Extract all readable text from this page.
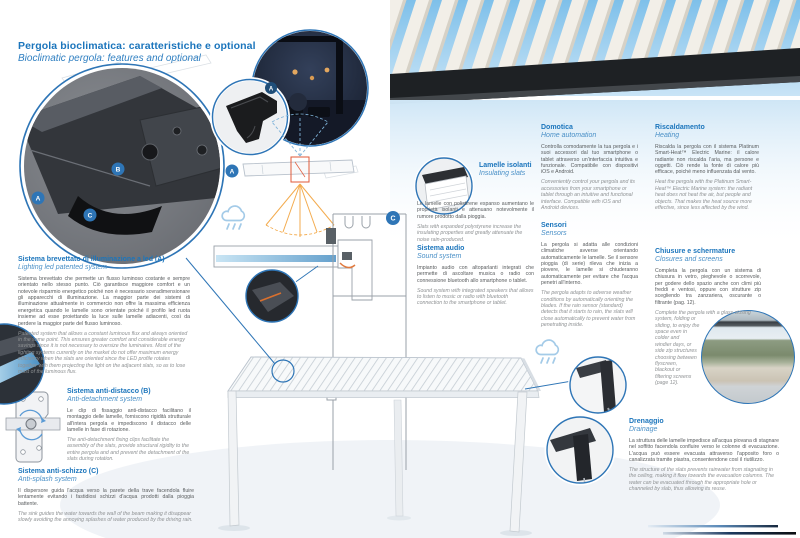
A
B
C
A
A
C
Pergola bioclimatica: caratteristiche e optional
Bioclimatic pergola: features and optional
Sistema brevettato di illuminazione a led (A)
Lighting led patented system

Sistema brevettato che permette un flusso luminoso costante e sempre orientato nello stesso punto. Ciò garantisce maggiore comfort e un notevole risparmio energetico poiché non è necessario sovradimensionare gli apparecchi di illuminazione. La maggior parte dei sistemi di illuminazione attualmente in commercio non offre la massima efficienza energetica quando le lamelle sono orientate poiché il profilo led ruota insieme ad esse proiettando la luce sulle lamelle adiacenti, così da perdere la maggior parte del flusso luminoso.

Patented system that allows a constant luminous flux and always oriented in the same point. This ensures greater comfort and considerable energy savings since it is not necessary to oversize the luminaires. Most of the lighting systems currently on the market do not offer maximum energy efficiency when the slats are oriented since the LED profile rotates together with them projecting the light on the adjacent slats, so as to lose most of the luminous flux.

Sistema anti-distacco (B)
Anti-detachment system

Le clip di fissaggio anti-distacco facilitano il montaggio delle lamelle, forniscono rigidità strutturale all'intera pergola e impediscono il distacco delle lamelle in fase di rotazione.

The anti-detachment fixing clips facilitate the assembly of the slats, provide structural rigidity to the entire pergola and and prevent the detachment of the slats during rotation.

Sistema anti-schizzo (C)
Anti-splash system

Il dispersore guida l'acqua verso la parete della trave facendola fluire lentamente evitando i fastidiosi schizzi d'acqua prodotti dalla pioggia battente.

The sink guides the water towards the wall of the beam making it disappear slowly avoiding the annoying splashes of water produced by the driving rain.

Lamelle isolanti
Insulating slats

Le lamelle con polistirene espanso aumentano le proprietà isolanti e attenuano notevolmente il rumore prodotto dalla pioggia.

Slats with expanded polystyrene increase the insulating properties and greatly attenuate the noise rain-produced.

Sistema audio
Sound system

Impianto audio con altoparlanti integrati che permette di ascoltare musica o radio con connessione bluetooth allo smartphone o tablet.

Sound system with integrated speakers that allows to listen to music or radio with bluetooth connection to the smartphone or tablet.

Domotica
Home automation

Controlla comodamente la tua pergola e i suoi accessori dal tuo smartphone o tablet attraverso un'interfaccia intuitiva e funzionale. Compatibile con dispositivi iOS e Android.

Conveniently control your pergola and its accessories from your smartphone or tablet through an intuitive and functional interface. Compatible with iOS and Android devices.

Sensori
Sensors

La pergola si adatta alle condizioni climatiche avverse orientando automaticamente le lamelle. Se il sensore pioggia (di serie) rileva che inizia a piovere, le lamelle si chiuderanno automaticamente per evitare che l'acqua penetri all'interno.

The pergola adapts to adverse weather conditions by automatically orienting the blades. If the rain sensor (standard) detects that it starts to rain, the slats will close automatically to prevent water from penetrating inside.

Riscaldamento
Heating

Riscalda la pergola con il sistema Platinum Smart-Heat™ Electric Marine: il calore radiante non riscalda l'aria, ma persone e oggetti. Ciò rende la fonte di calore più efficace, poiché meno influenzata dal vento.

Heat the pergola with the Platinum Smart-Heat™ Electric Marine system: the radiant heat does not heat the air, but people and objects. That makes the heat source more effective, since less affected by the wind.

Chiusure e schermature
Closures and screens

Completa la pergola con un sistema di chiusura in vetro, pieghevole o scorrevole, per godere dello spazio anche con climi più freddi e ventosi, oppure con strutture zip scegliendo tra zanzariera, oscurante o filtrante (pag. 12).

Complete the pergola with a glass closing system, folding or sliding, to enjoy the space even in colder and windier days, or side zip structures choosing between flyscreen, blackout or filtering screens (page 12).

Drenaggio
Drainage

La struttura delle lamelle impedisce all'acqua piovana di stagnare nel soffitto facendola confluire verso le colonne di evacuazione. L'acqua può essere evacuata attraverso l'apposito foro o canalizzata tramite piastra, consentendone così il riutilizzo.

The structure of the slats prevents rainwater from stagnating in the ceiling, making it flow towards the evacuation columns. The water can be evacuated through the appropriate hole or channeled by slab, thus allowing its reuse.
